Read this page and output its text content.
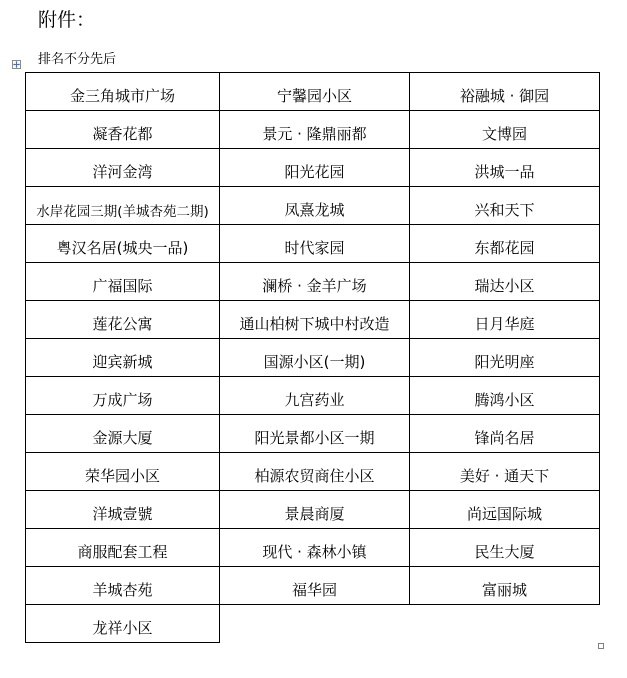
附件：
排名不分先后
金三角城市广场	宁馨园小区	裕融城 · 御园
凝香花都	景元 · 隆鼎丽都	文博园
洋河金湾	阳光花园	洪城一品
水岸花园三期(羊城杏苑二期)	凤熹龙城	兴和天下
粤汉名居(城央一品)	时代家园	东都花园
广福国际	澜桥 · 金羊广场	瑞达小区
莲花公寓	通山柏树下城中村改造	日月华庭
迎宾新城	国源小区(一期)	阳光明座
万成广场	九宫药业	腾鸿小区
金源大厦	阳光景都小区一期	锋尚名居
荣华园小区	柏源农贸商住小区	美好 · 通天下
洋城壹號	景晨商厦	尚远国际城
商服配套工程	现代 · 森林小镇	民生大厦
羊城杏苑	福华园	富丽城
龙祥小区
